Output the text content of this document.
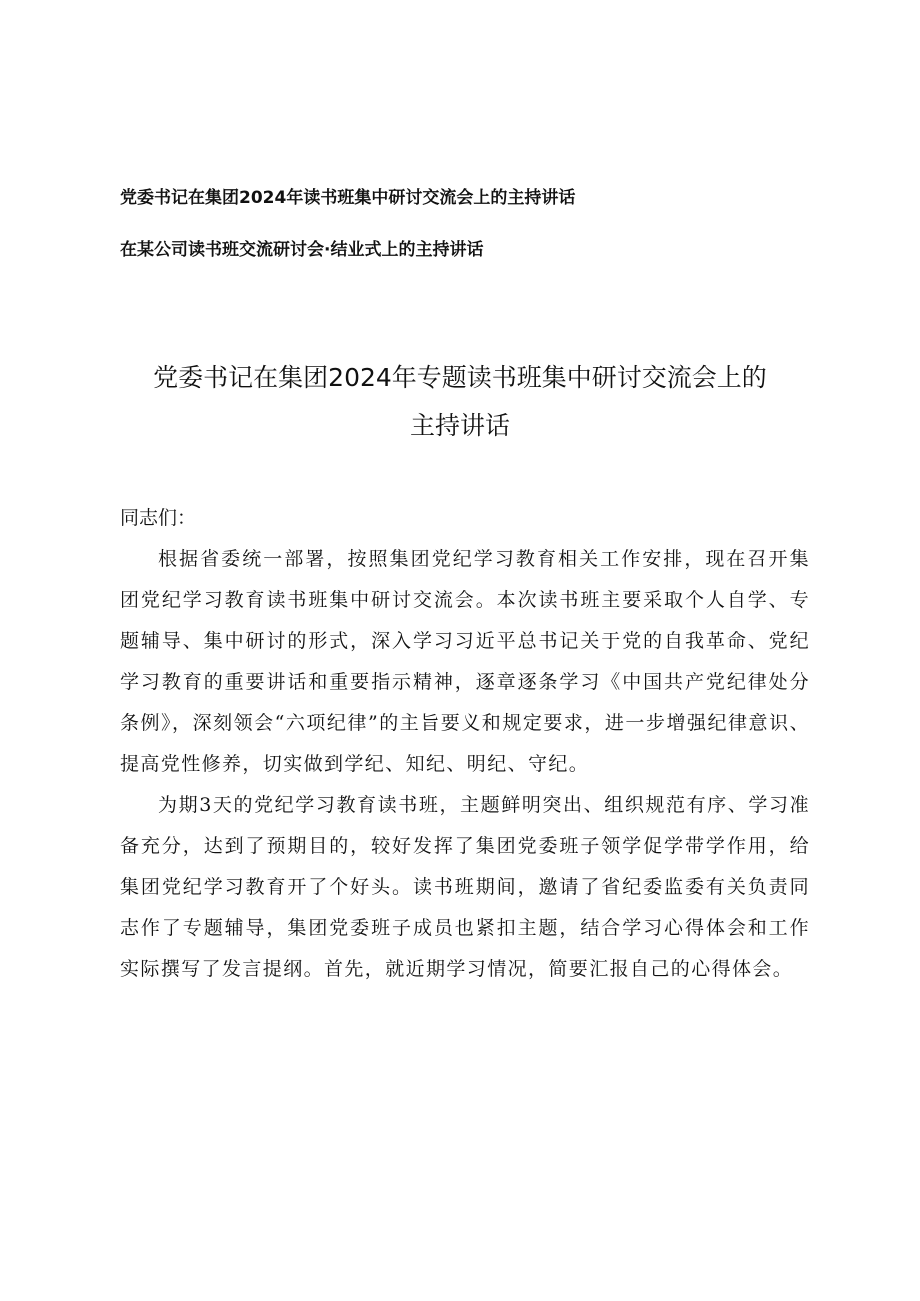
党委书记在集团2024年读书班集中研讨交流会上的主持讲话
在某公司读书班交流研讨会·结业式上的主持讲话
党委书记在集团2024年专题读书班集中研讨交流会上的
主持讲话
同志们：

根据省委统一部署，按照集团党纪学习教育相关工作安排，现在召开集团党纪学习教育读书班集中研讨交流会。本次读书班主要采取个人自学、专题辅导、集中研讨的形式，深入学习习近平总书记关于党的自我革命、党纪学习教育的重要讲话和重要指示精神，逐章逐条学习《中国共产党纪律处分条例》，深刻领会“六项纪律”的主旨要义和规定要求，进一步增强纪律意识、提高党性修养，切实做到学纪、知纪、明纪、守纪。

为期3天的党纪学习教育读书班，主题鲜明突出、组织规范有序、学习准备充分，达到了预期目的，较好发挥了集团党委班子领学促学带学作用，给集团党纪学习教育开了个好头。读书班期间，邀请了省纪委监委有关负责同志作了专题辅导，集团党委班子成员也紧扣主题，结合学习心得体会和工作实际撰写了发言提纲。首先，就近期学习情况，简要汇报自己的心得体会。
